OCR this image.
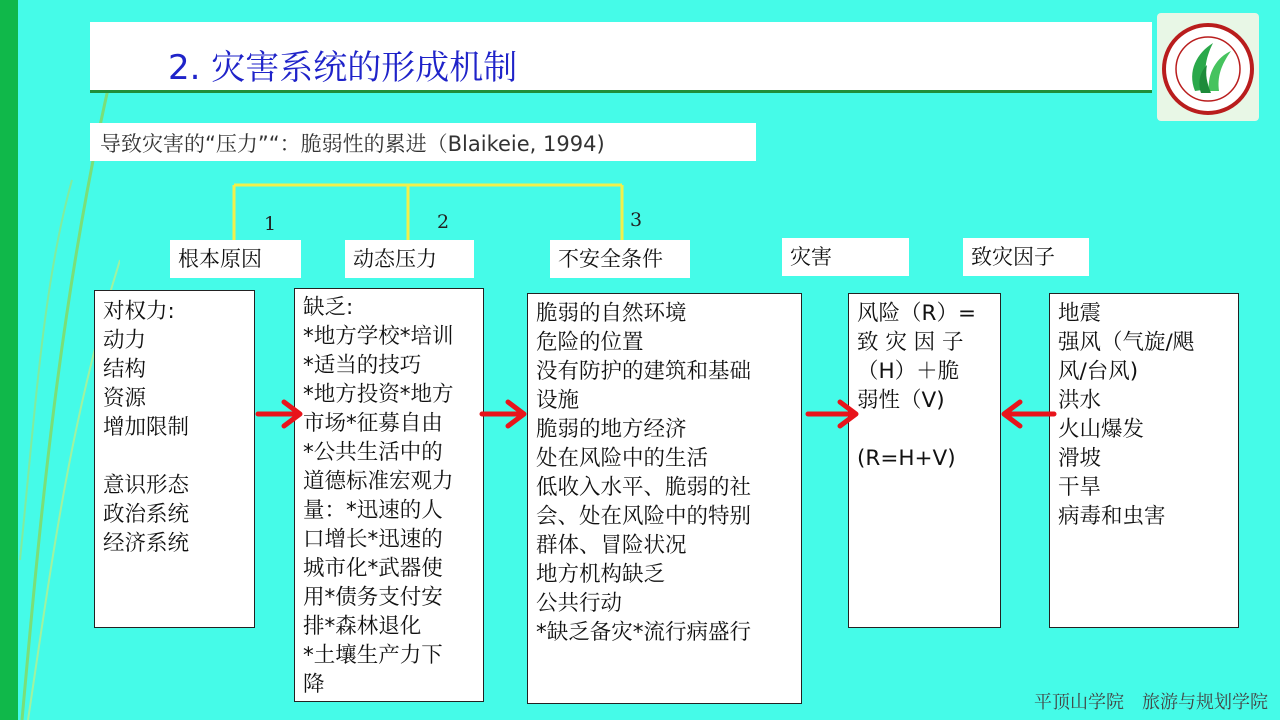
2. 灾害系统的形成机制
导致灾害的“压力”“：脆弱性的累进（Blaikeie, 1994)
1	2	3
根本原因	动态压力	不安全条件	灾害	致灾因子
对权力:
动力
结构
资源
增加限制
意识形态
政治系统
经济系统
缺乏:
*地方学校*培训
*适当的技巧
*地方投资*地方
市场*征募自由
*公共生活中的
道德标准宏观力
量：*迅速的人
口增长*迅速的
城市化*武器使
用*债务支付安
排*森林退化
*土壤生产力下
降
脆弱的自然环境
危险的位置
没有防护的建筑和基础
设施
脆弱的地方经济
处在风险中的生活
低收入水平、脆弱的社
会、处在风险中的特别
群体、冒险状况
地方机构缺乏
公共行动
*缺乏备灾*流行病盛行
风险（R）=
致 灾 因 子
（H）＋脆
弱性（V)
(R=H+V)
地震
强风（气旋/飓
风/台风)
洪水
火山爆发
滑坡
干旱
病毒和虫害
平顶山学院　旅游与规划学院
